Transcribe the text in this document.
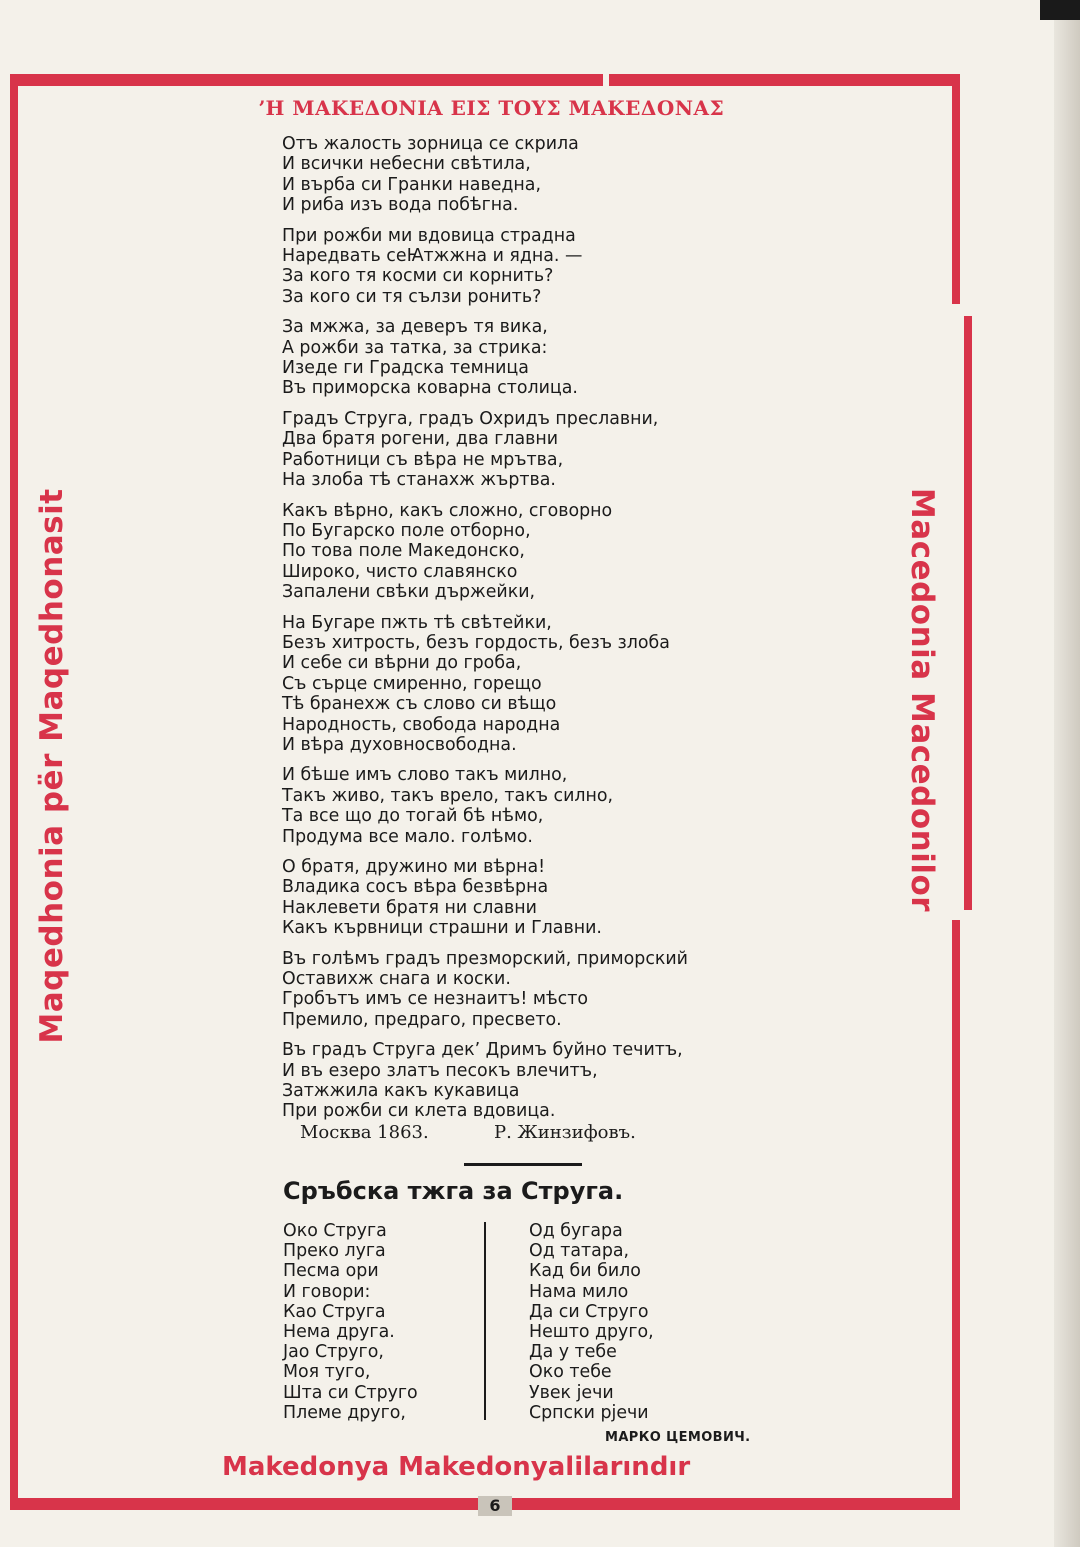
Maqedhonia për Maqedhonasit	Macedonia Macedonilor
ʼΗ ΜΑΚΕΔΟΝΙΑ ΕΙΣ ΤΟΥΣ ΜΑΚΕΔΟΝΑΣ
Отъ жалость зорница се скрила
И всички небесни свѣтила,
И върба си Гранки наведна,
И риба изъ вода побѣгна.
При рожби ми вдовица страдна
Наредвать сеꙖтжжна и ядна. —
За кого тя косми си корнить?
За кого си тя сълзи ронить?
За мжжа, за деверъ тя вика,
А рожби за татка, за стрика:
Изеде ги Градска темница
Въ приморска коварна столица.
Градъ Струга, градъ Охридъ преславни,
Два братя рогени, два главни
Работници съ вѣра не мрътва,
На злоба тѣ станахж жъртва.
Какъ вѣрно, какъ сложно, сговорно
По Бугарско поле отборно,
По това поле Македонско,
Широко, чисто славянско
Запалени свѣки държейки,
На Бугаре пжть тѣ свѣтейки,
Безъ хитрость, безъ гордость, безъ злоба
И себе си вѣрни до гроба,
Съ сърце смиренно, горещо
Тѣ бранехж съ слово си вѣщо
Народность, свобода народна
И вѣра духовносвободна.
И бѣше имъ слово такъ милно,
Такъ живо, такъ врело, такъ силно,
Та все що до тогай бѣ нѣмо,
Продума все мало. голѣмо.
О братя, дружино ми вѣрна!
Владика сосъ вѣра безвѣрна
Наклевети братя ни славни
Какъ кървници страшни и Главни.
Въ голѣмъ градъ презморский, приморский
Оставихж снага и коски.
Гробътъ имъ се незнаитъ! мѣсто
Премило, предраго, пресвето.
Въ градъ Струга дек’ Дримъ буйно течитъ,
И въ езеро златъ песокъ влечитъ,
Затжжила какъ кукавица
При рожби си клета вдовица.
Москва 1863.	Р. Жинзифовъ.
Сръбска тжга за Струга.
Око Струга
Преко луга
Песма ори
И говори:
Као Струга
Нема друга.
Јао Струго,
Моя туго,
Шта си Струго
Племе друго,
Од бугара
Од татара,
Кад би било
Нама мило
Да си Струго
Нешто друго,
Да у тебе
Око тебе
Увек јечи
Српски рјечи
МАРКО ЦЕМОВИЧ.
Makedonya Makedonyalilarındır
6
